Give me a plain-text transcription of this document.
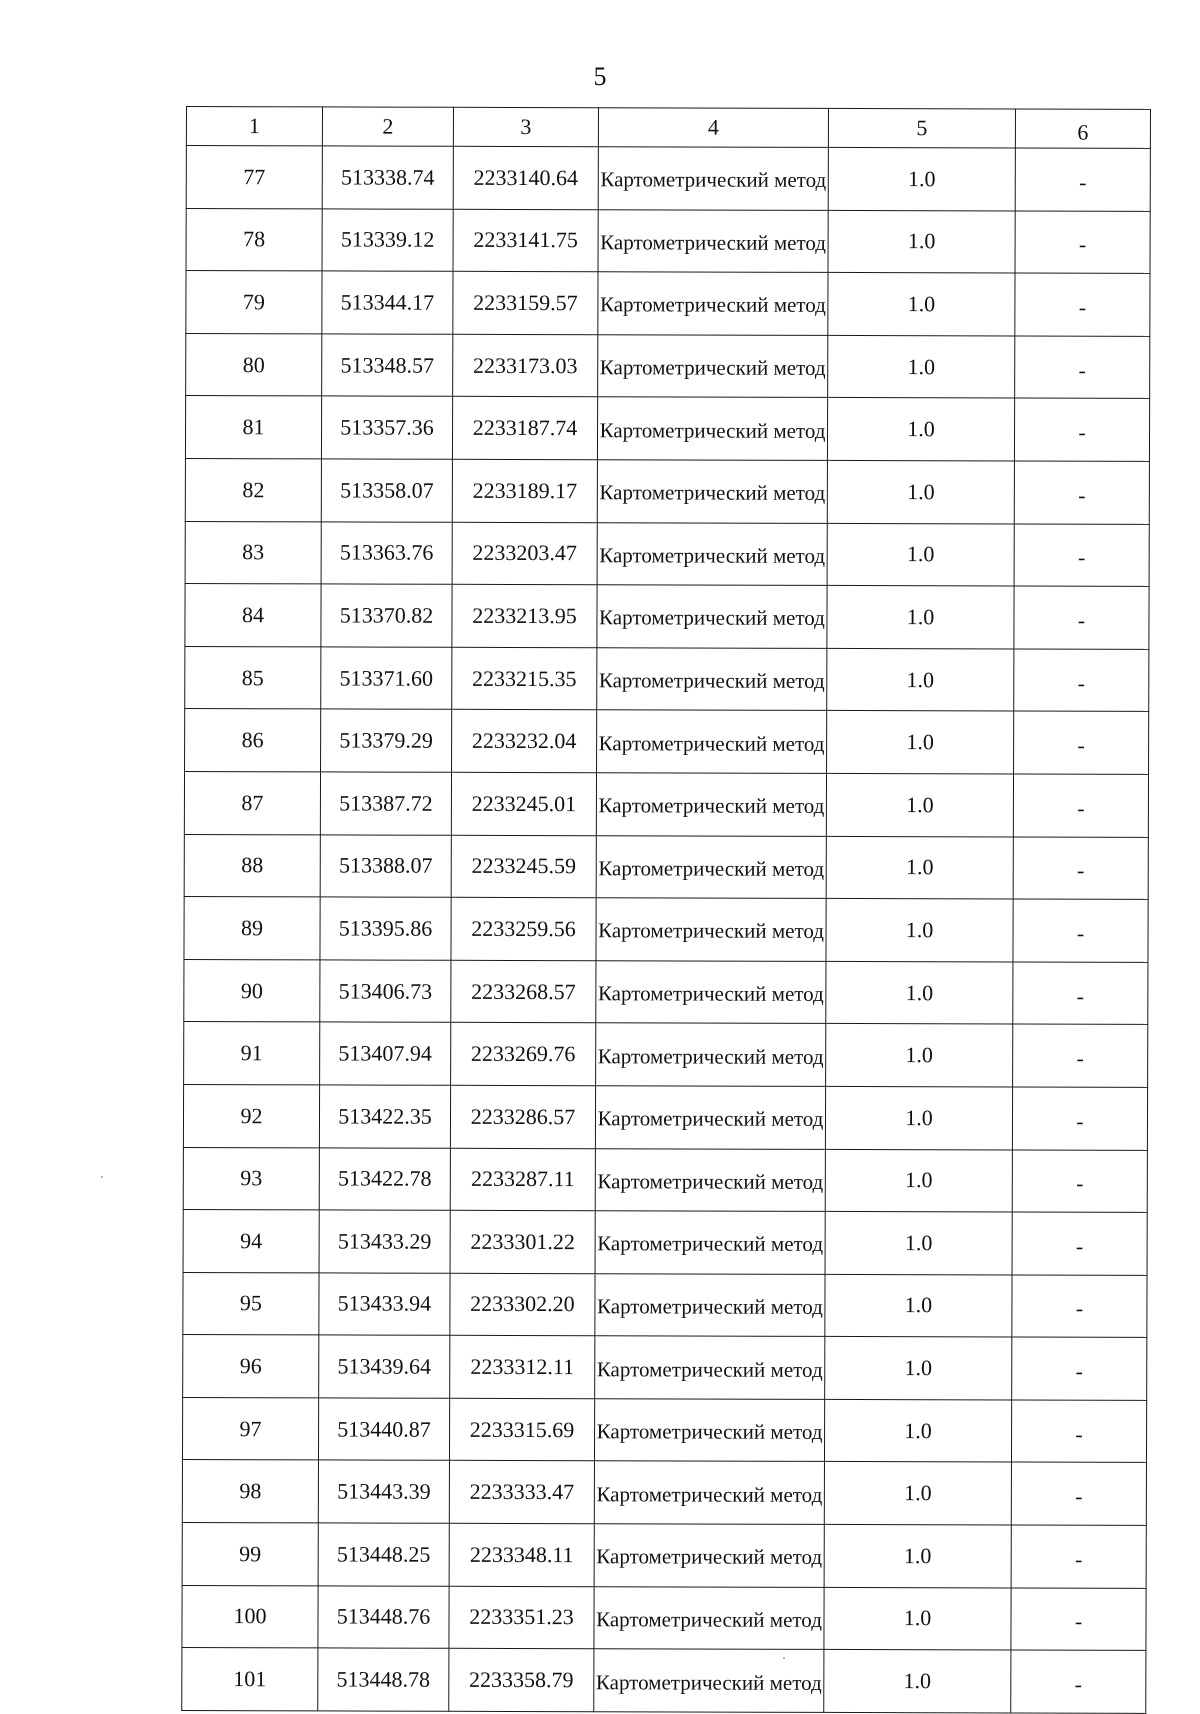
5
1	2	3	4	5	6
77	513338.74	2233140.64	Картометрический метод	1.0	-
78	513339.12	2233141.75	Картометрический метод	1.0	-
79	513344.17	2233159.57	Картометрический метод	1.0	-
80	513348.57	2233173.03	Картометрический метод	1.0	-
81	513357.36	2233187.74	Картометрический метод	1.0	-
82	513358.07	2233189.17	Картометрический метод	1.0	-
83	513363.76	2233203.47	Картометрический метод	1.0	-
84	513370.82	2233213.95	Картометрический метод	1.0	-
85	513371.60	2233215.35	Картометрический метод	1.0	-
86	513379.29	2233232.04	Картометрический метод	1.0	-
87	513387.72	2233245.01	Картометрический метод	1.0	-
88	513388.07	2233245.59	Картометрический метод	1.0	-
89	513395.86	2233259.56	Картометрический метод	1.0	-
90	513406.73	2233268.57	Картометрический метод	1.0	-
91	513407.94	2233269.76	Картометрический метод	1.0	-
92	513422.35	2233286.57	Картометрический метод	1.0	-
93	513422.78	2233287.11	Картометрический метод	1.0	-
94	513433.29	2233301.22	Картометрический метод	1.0	-
95	513433.94	2233302.20	Картометрический метод	1.0	-
96	513439.64	2233312.11	Картометрический метод	1.0	-
97	513440.87	2233315.69	Картометрический метод	1.0	-
98	513443.39	2233333.47	Картометрический метод	1.0	-
99	513448.25	2233348.11	Картометрический метод	1.0	-
100	513448.76	2233351.23	Картометрический метод	1.0	-
101	513448.78	2233358.79	Картометрический метод	1.0	-
